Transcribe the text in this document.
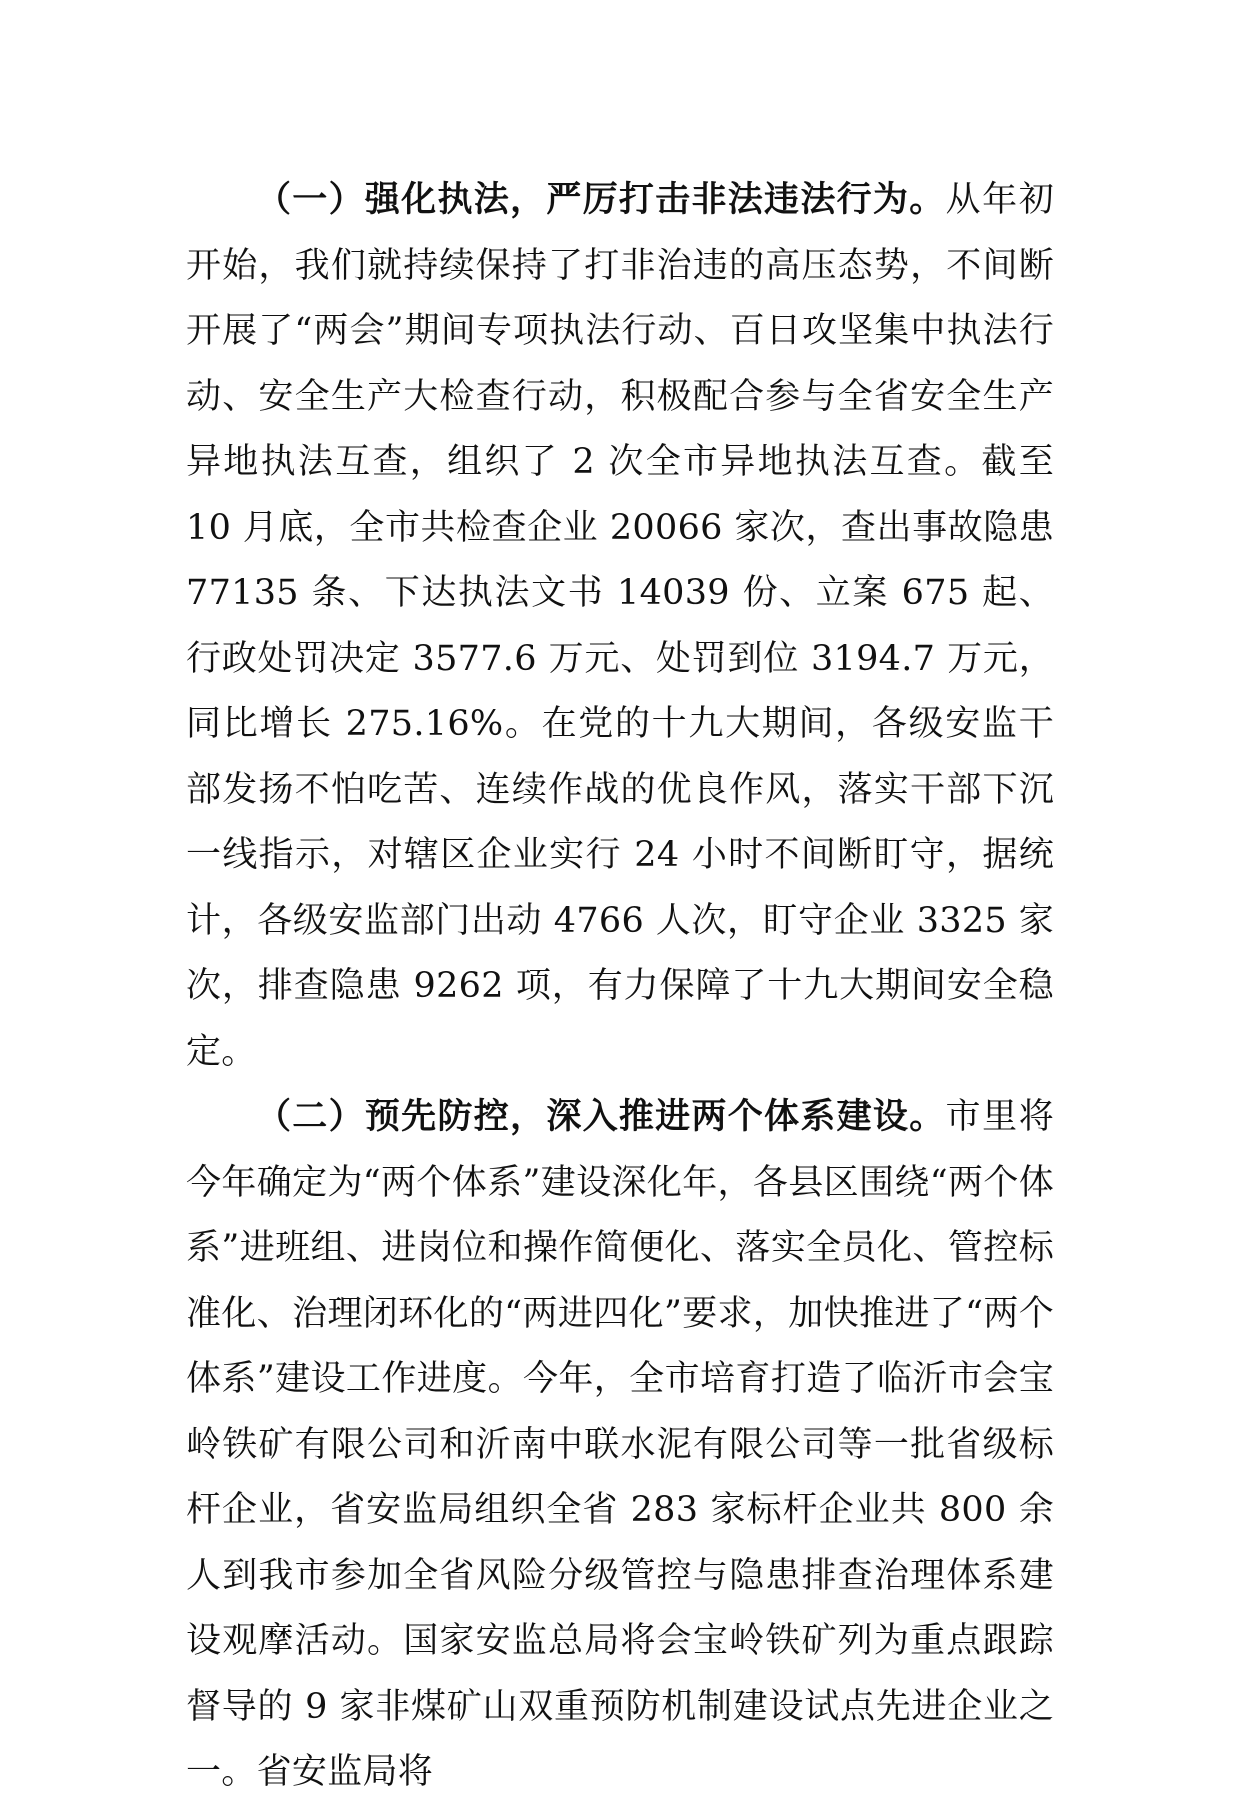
（一）强化执法，严厉打击非法违法行为。从年初开始，我们就持续保持了打非治违的高压态势，不间断开展了“两会”期间专项执法行动、百日攻坚集中执法行动、安全生产大检查行动，积极配合参与全省安全生产异地执法互查，组织了 2 次全市异地执法互查。截至 10 月底，全市共检查企业 20066 家次，查出事故隐患 77135 条、下达执法文书 14039 份、立案 675 起、行政处罚决定 3577.6 万元、处罚到位 3194.7 万元，同比增长 275.16%。在党的十九大期间，各级安监干部发扬不怕吃苦、连续作战的优良作风，落实干部下沉一线指示，对辖区企业实行 24 小时不间断盯守，据统计，各级安监部门出动 4766 人次，盯守企业 3325 家次，排查隐患 9262 项，有力保障了十九大期间安全稳定。

（二）预先防控，深入推进两个体系建设。市里将今年确定为“两个体系”建设深化年，各县区围绕“两个体系”进班组、进岗位和操作简便化、落实全员化、管控标准化、治理闭环化的“两进四化”要求，加快推进了“两个体系”建设工作进度。今年，全市培育打造了临沂市会宝岭铁矿有限公司和沂南中联水泥有限公司等一批省级标杆企业，省安监局组织全省 283 家标杆企业共 800 余人到我市参加全省风险分级管控与隐患排查治理体系建设观摩活动。国家安监总局将会宝岭铁矿列为重点跟踪督导的 9 家非煤矿山双重预防机制建设试点先进企业之一。省安监局将
